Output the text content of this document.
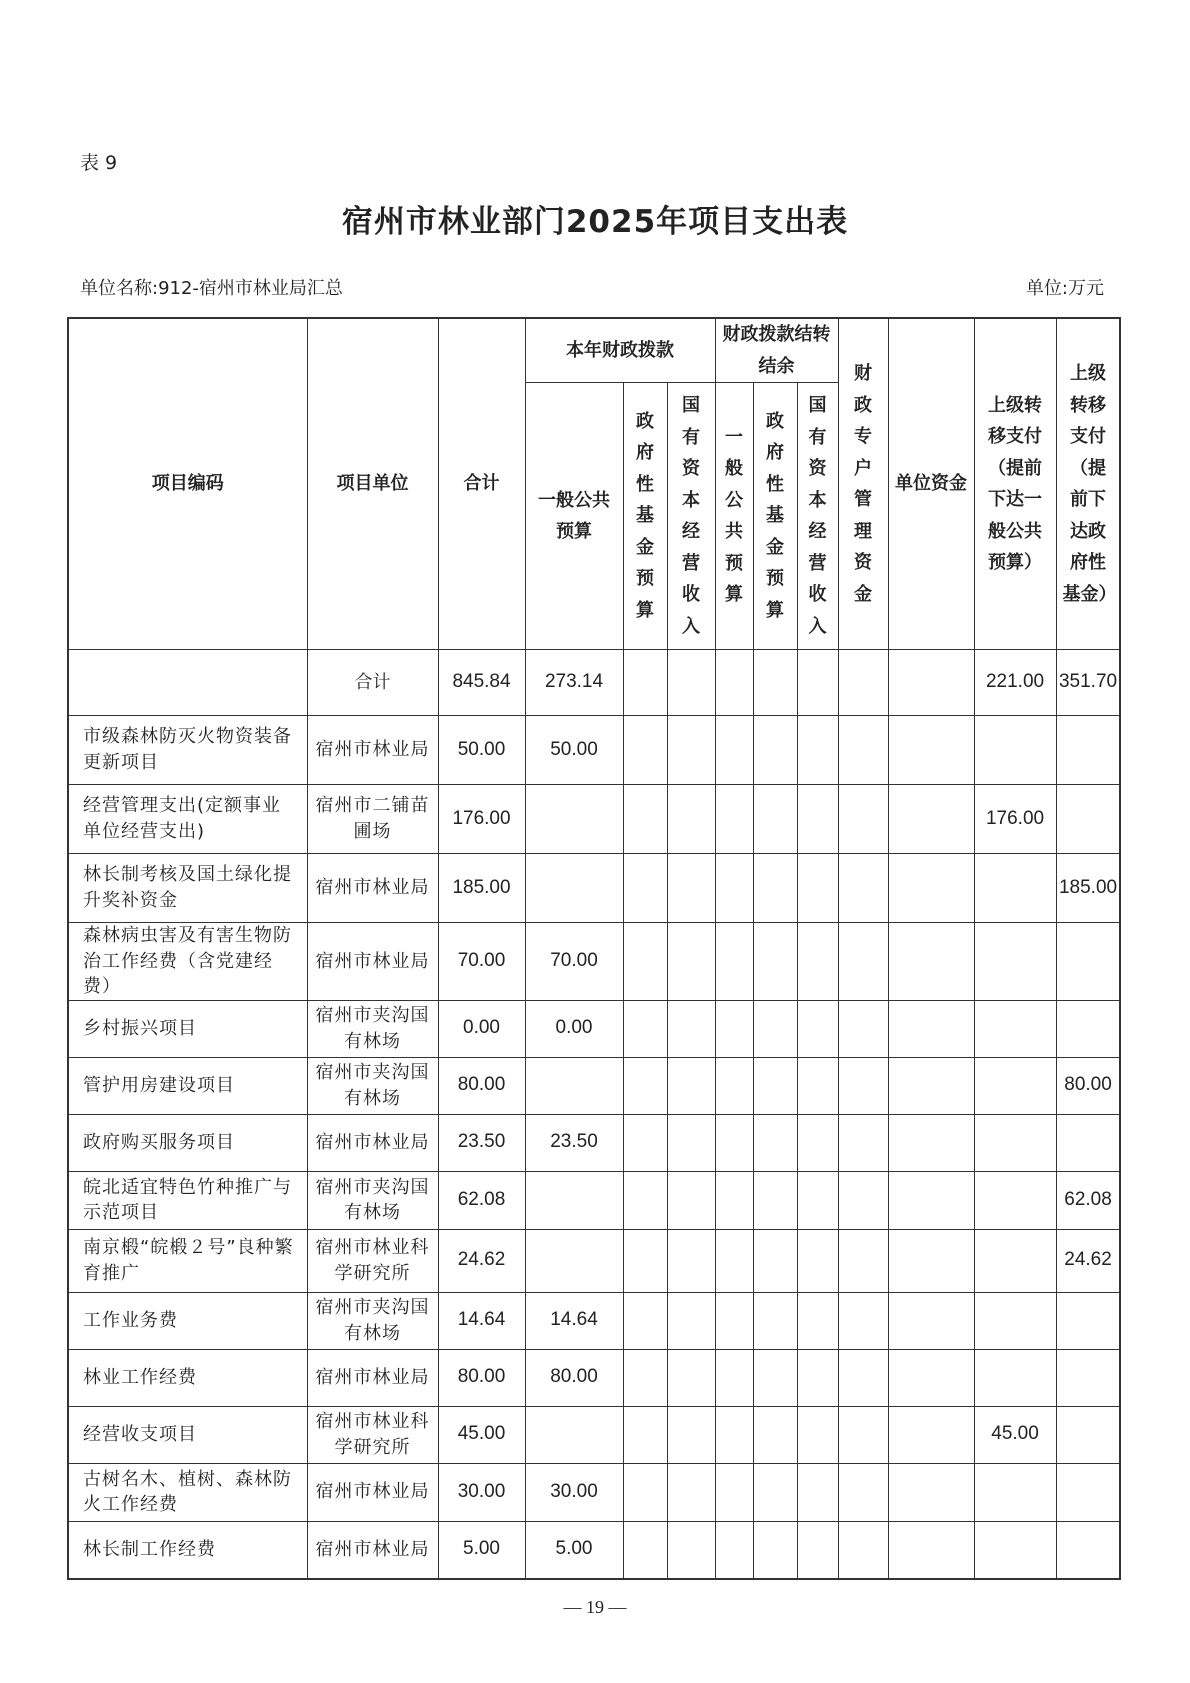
表 9
宿州市林业部门2025年项目支出表
单位名称:912-宿州市林业局汇总	单位:万元
项目编码	项目单位	合计	本年财政拨款			财政拨款结转结余			财政专户管理资金	单位资金	上级转移支付（提前下达一般公共预算）	上级转移支付（提前下达政府性基金）	
			一般公共预算	政府性基金预算	国有资本经营收入	一般公共预算	政府性基金预算	国有资本经营收入					
	合计	845.84	273.14								221.00	351.70	
市级森林防灭火物资装备更新项目	宿州市林业局	50.00	50.00										
经营管理支出(定额事业单位经营支出)	宿州市二铺苗圃场	176.00									176.00		
林长制考核及国土绿化提升奖补资金	宿州市林业局	185.00										185.00	
森林病虫害及有害生物防治工作经费（含党建经费）	宿州市林业局	70.00	70.00										
乡村振兴项目	宿州市夹沟国有林场	0.00	0.00										
管护用房建设项目	宿州市夹沟国有林场	80.00										80.00	
政府购买服务项目	宿州市林业局	23.50	23.50										
皖北适宜特色竹种推广与示范项目	宿州市夹沟国有林场	62.08										62.08	
南京椴“皖椴２号”良种繁育推广	宿州市林业科学研究所	24.62										24.62	
工作业务费	宿州市夹沟国有林场	14.64	14.64										
林业工作经费	宿州市林业局	80.00	80.00										
经营收支项目	宿州市林业科学研究所	45.00									45.00		
古树名木、植树、森林防火工作经费	宿州市林业局	30.00	30.00										
林长制工作经费	宿州市林业局	5.00	5.00										
— 19 —
